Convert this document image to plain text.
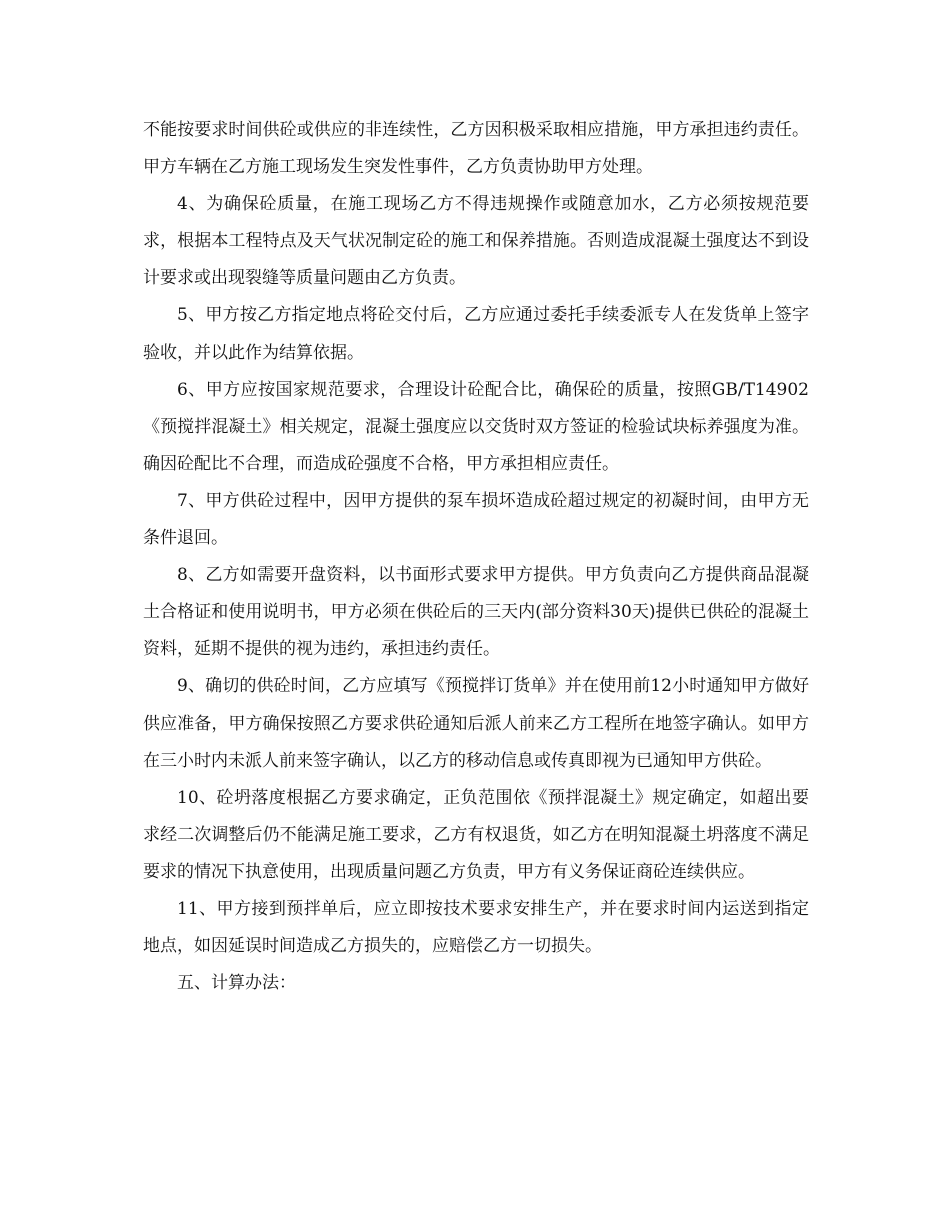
不能按要求时间供砼或供应的非连续性，乙方因积极采取相应措施，甲方承担违约责任。甲方车辆在乙方施工现场发生突发性事件，乙方负责协助甲方处理。

4、为确保砼质量，在施工现场乙方不得违规操作或随意加水，乙方必须按规范要求，根据本工程特点及天气状况制定砼的施工和保养措施。否则造成混凝土强度达不到设计要求或出现裂缝等质量问题由乙方负责。

5、甲方按乙方指定地点将砼交付后，乙方应通过委托手续委派专人在发货单上签字验收，并以此作为结算依据。

6、甲方应按国家规范要求，合理设计砼配合比，确保砼的质量，按照GB/T14902《预搅拌混凝土》相关规定，混凝土强度应以交货时双方签证的检验试块标养强度为准。确因砼配比不合理，而造成砼强度不合格，甲方承担相应责任。

7、甲方供砼过程中，因甲方提供的泵车损坏造成砼超过规定的初凝时间，由甲方无条件退回。

8、乙方如需要开盘资料，以书面形式要求甲方提供。甲方负责向乙方提供商品混凝土合格证和使用说明书，甲方必须在供砼后的三天内(部分资料30天)提供已供砼的混凝土资料，延期不提供的视为违约，承担违约责任。

9、确切的供砼时间，乙方应填写《预搅拌订货单》并在使用前12小时通知甲方做好供应准备，甲方确保按照乙方要求供砼通知后派人前来乙方工程所在地签字确认。如甲方在三小时内未派人前来签字确认，以乙方的移动信息或传真即视为已通知甲方供砼。

10、砼坍落度根据乙方要求确定，正负范围依《预拌混凝土》规定确定，如超出要求经二次调整后仍不能满足施工要求，乙方有权退货，如乙方在明知混凝土坍落度不满足要求的情况下执意使用，出现质量问题乙方负责，甲方有义务保证商砼连续供应。

11、甲方接到预拌单后，应立即按技术要求安排生产，并在要求时间内运送到指定地点，如因延误时间造成乙方损失的，应赔偿乙方一切损失。

五、计算办法：
